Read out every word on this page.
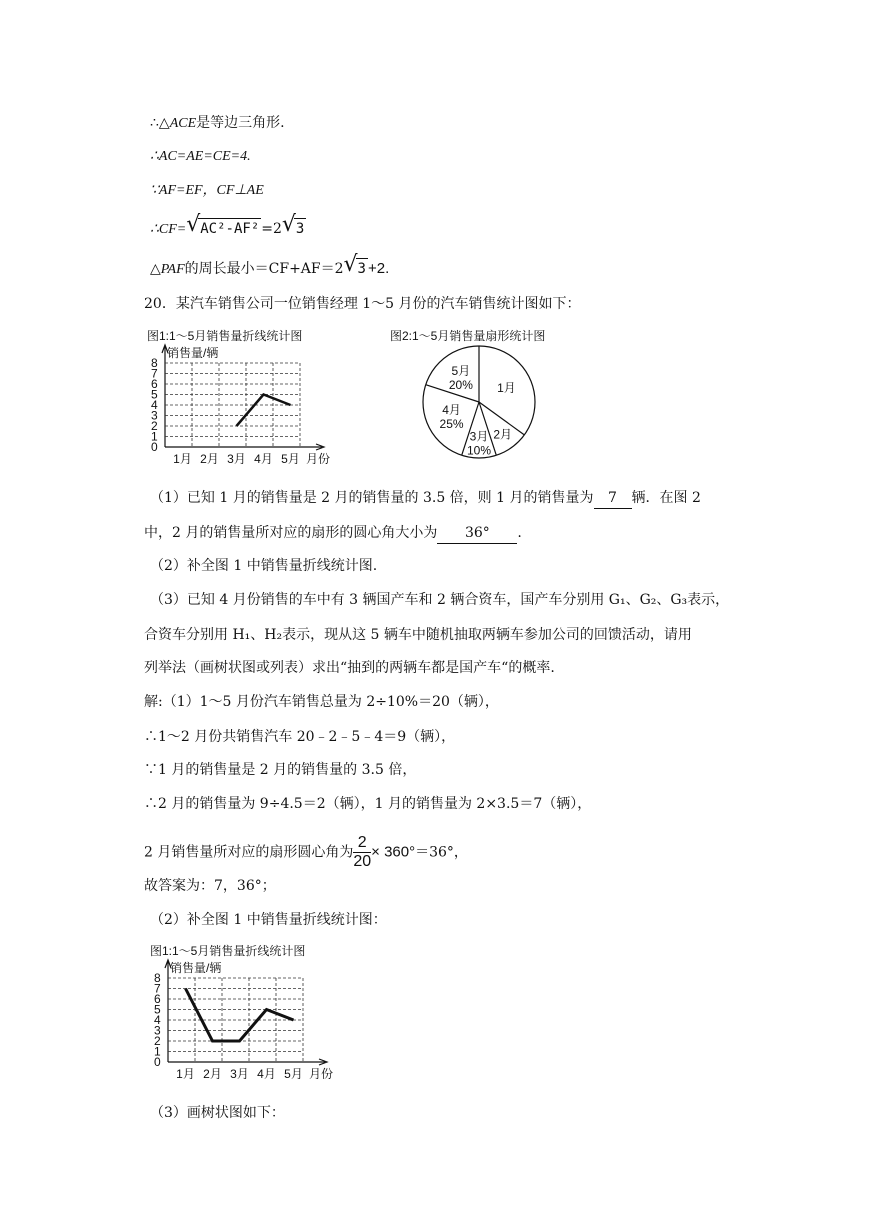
∴△ACE是等边三角形.
∴AC=AE=CE=4.
∵AF=EF，CF⊥AE
∴CF= √ AC²-AF² =2 √ 3
△PAF的周长最小＝CF+AF＝2 √ 3 +2.
20．某汽车销售公司一位销售经理 1～5 月份的汽车销售统计图如下：
图1:1～5月销售量折线统计图
销售量/辆
0
1
2
3
4
5
6
7
8
1月 2月 3月 4月 5月 月份
图2:1～5月销售量扇形统计图
1月
2月
3月
10%
4月
25%
5月
20%
（1）已知 1 月的销售量是 2 月的销售量的 3.5 倍，则 1 月的销售量为 7 辆．在图 2
中，2 月的销售量所对应的扇形的圆心角大小为 36° .
（2）补全图 1 中销售量折线统计图.
（3）已知 4 月份销售的车中有 3 辆国产车和 2 辆合资车，国产车分别用 G₁、G₂、G₃表示，
合资车分别用 H₁、H₂表示，现从这 5 辆车中随机抽取两辆车参加公司的回馈活动，请用
列举法（画树状图或列表）求出“抽到的两辆车都是国产车“的概率.
解:（1）1～5 月份汽车销售总量为 2÷10%＝20（辆），
∴1～2 月份共销售汽车 20﹣2﹣5﹣4＝9（辆），
∵1 月的销售量是 2 月的销售量的 3.5 倍，
∴2 月的销售量为 9÷4.5＝2（辆），1 月的销售量为 2×3.5＝7（辆），
2 月销售量所对应的扇形圆心角为 $\frac{2}{20} \times 360^\circ=36^\circ$，
故答案为：7，36°；
（2）补全图 1 中销售量折线统计图：
图1:1～5月销售量折线统计图
销售量/辆
0
1
2
3
4
5
6
7
8
1月 2月 3月 4月 5月 月份
（3）画树状图如下：
